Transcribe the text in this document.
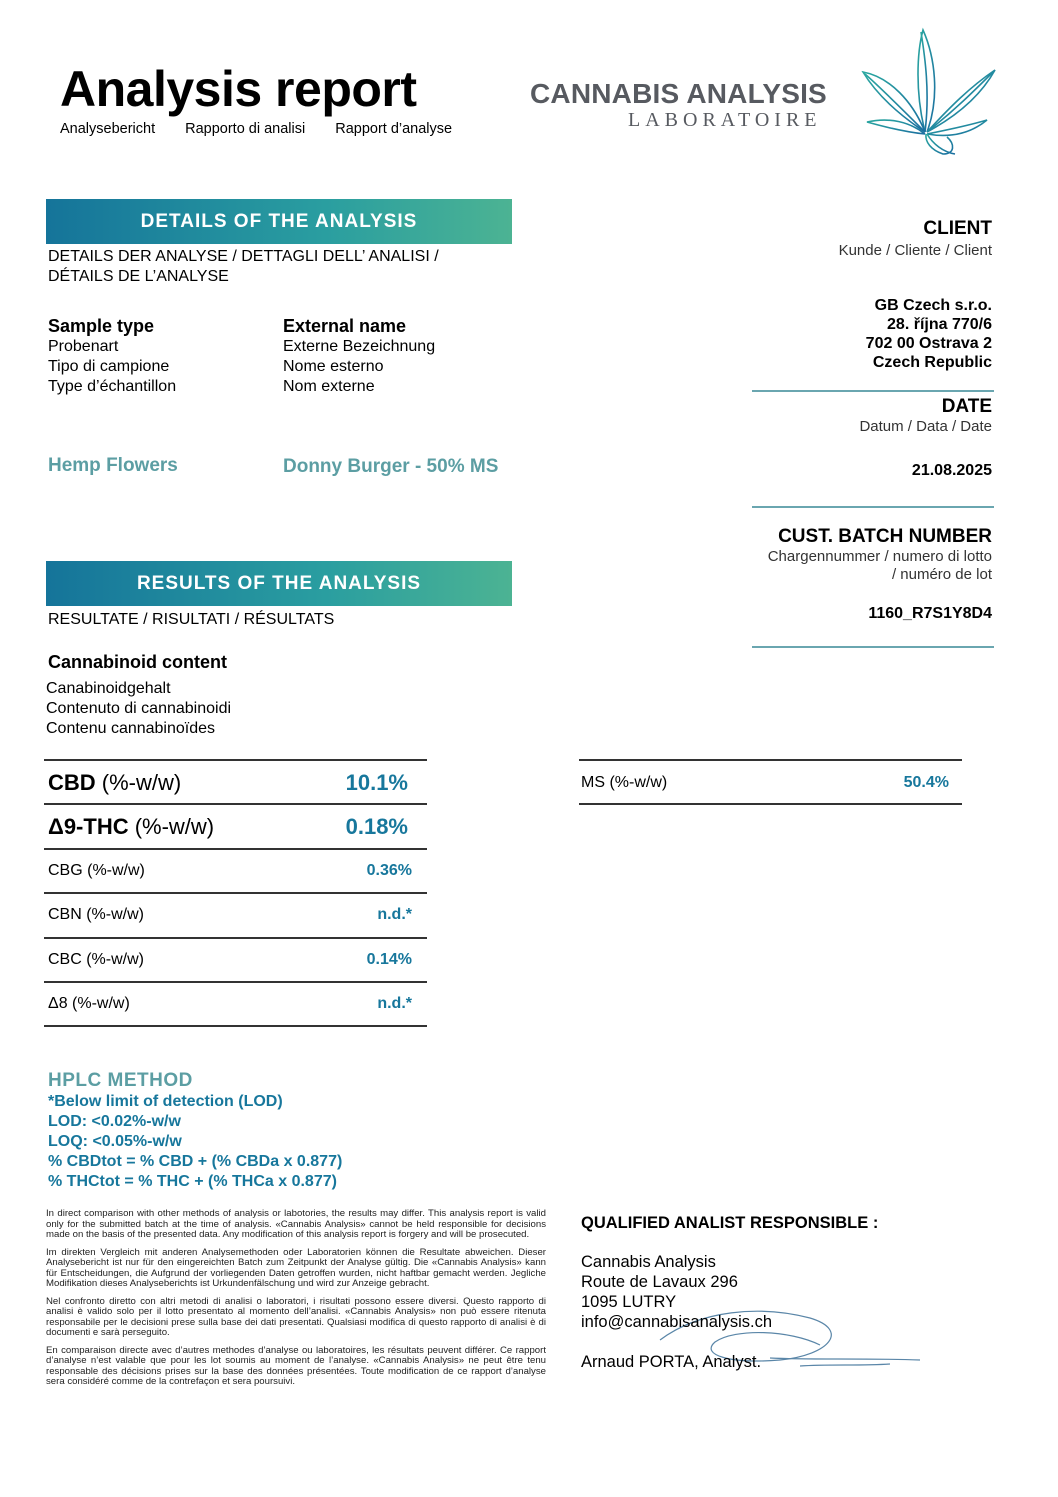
Analysis report
Analysebericht Rapporto di analisi Rapport d’analyse
CANNABIS ANALYSIS
LABORATOIRE
DETAILS OF THE ANALYSIS
DETAILS DER ANALYSE / DETTAGLI DELL’ ANALISI /
DÉTAILS DE L’ANALYSE
Sample type
Probenart
Tipo di campione
Type d’échantillon
External name
Externe Bezeichnung
Nome esterno
Nom externe
Hemp Flowers	Donny Burger - 50% MS
CLIENT
Kunde / Cliente / Client
GB Czech s.r.o.
28. října 770/6
702 00 Ostrava 2
Czech Republic
DATE
Datum / Data / Date
21.08.2025
CUST. BATCH NUMBER
Chargennummer / numero di lotto
/ numéro de lot
1160_R7S1Y8D4
RESULTS OF THE ANALYSIS
RESULTATE / RISULTATI / RÉSULTATS
Cannabinoid content
Canabinoidgehalt
Contenuto di cannabinoidi
Contenu cannabinoïdes
CBD (%-w/w)	10.1%
Δ9-THC (%-w/w)	0.18%
CBG (%-w/w)	0.36%
CBN (%-w/w)	n.d.*
CBC (%-w/w)	0.14%
Δ8 (%-w/w)	n.d.*
MS (%-w/w)	50.4%
HPLC METHOD
*Below limit of detection (LOD)
LOD: <0.02%-w/w
LOQ: <0.05%-w/w
% CBDtot = % CBD + (% CBDa x 0.877)
% THCtot = % THC + (% THCa x 0.877)

In direct comparison with other methods of analysis or labotories, the results may differ. This analysis report is valid only for the submitted batch at the time of analysis. «Cannabis Analysis» cannot be held responsible for decisions made on the basis of the presented data. Any modification of this analysis report is forgery and will be prosecuted.

Im direkten Vergleich mit anderen Analysemethoden oder Laboratorien können die Resultate abweichen. Dieser Analysebericht ist nur für den eingereichten Batch zum Zeitpunkt der Analyse gültig. Die «Cannabis Analysis» kann für Entscheidungen, die Aufgrund der vorliegenden Daten getroffen wurden, nicht haftbar gemacht werden. Jegliche Modifikation dieses Analyseberichts ist Urkundenfälschung und wird zur Anzeige gebracht.

Nel confronto diretto con altri metodi di analisi o laboratori, i risultati possono essere diversi. Questo rapporto di analisi è valido solo per il lotto presentato al momento dell’analisi. «Cannabis Analysis» non può essere ritenuta responsabile per le decisioni prese sulla base dei dati presentati. Qualsiasi modifica di questo rapporto di analisi è di documenti e sarà perseguito.

En comparaison directe avec d’autres methodes d’analyse ou laboratoires, les résultats peuvent différer. Ce rapport d’analyse n’est valable que pour les lot soumis au moment de l’analyse. «Cannabis Analysis» ne peut être tenu responsable des décisions prises sur la base des données présentées. Toute modification de ce rapport d’analyse sera considéré comme de la contrefaçon et sera poursuivi.

QUALIFIED ANALIST RESPONSIBLE :
Cannabis Analysis
Route de Lavaux 296
1095 LUTRY
info@cannabisanalysis.ch
Arnaud PORTA, Analyst.
